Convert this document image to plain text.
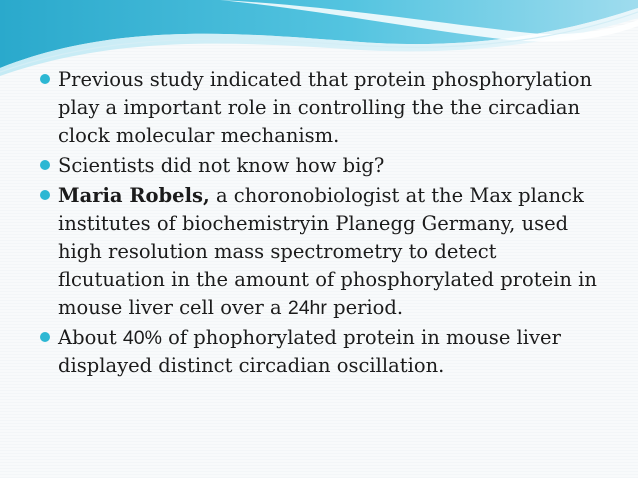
Previous study indicated that protein phosphorylation play a important role in controlling the the circadian clock molecular mechanism.
Scientists did not know how big?
Maria Robels, a choronobiologist at the Max planck institutes of biochemistryin Planegg Germany, used high resolution mass spectrometry to detect flcutuation in the amount of phosphorylated protein in mouse liver cell over a 24hr period.
About 40% of phophorylated protein in mouse liver displayed distinct circadian oscillation.
